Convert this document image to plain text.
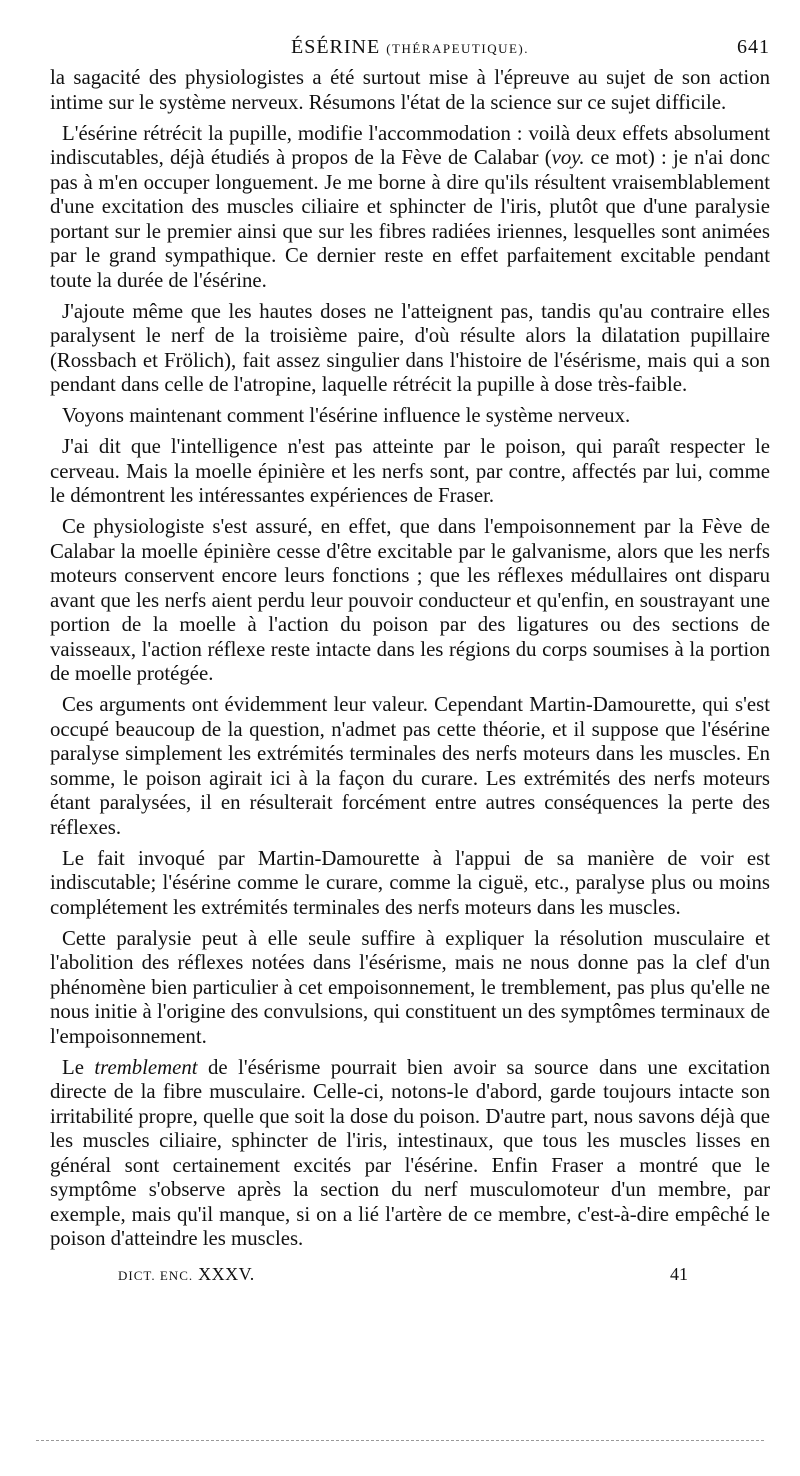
ÉSÉRINE (THÉRAPEUTIQUE).	641

la sagacité des physiologistes a été surtout mise à l'épreuve au sujet de son action intime sur le système nerveux. Résumons l'état de la science sur ce sujet difficile.

L'ésérine rétrécit la pupille, modifie l'accommodation : voilà deux effets absolument indiscutables, déjà étudiés à propos de la Fève de Calabar (voy. ce mot) : je n'ai donc pas à m'en occuper longuement. Je me borne à dire qu'ils résultent vraisemblablement d'une excitation des muscles ciliaire et sphincter de l'iris, plutôt que d'une paralysie portant sur le premier ainsi que sur les fibres radiées iriennes, lesquelles sont animées par le grand sympathique. Ce dernier reste en effet parfaitement excitable pendant toute la durée de l'ésérine.

J'ajoute même que les hautes doses ne l'atteignent pas, tandis qu'au contraire elles paralysent le nerf de la troisième paire, d'où résulte alors la dilatation pupillaire (Rossbach et Frölich), fait assez singulier dans l'histoire de l'ésérisme, mais qui a son pendant dans celle de l'atropine, laquelle rétrécit la pupille à dose très-faible.

Voyons maintenant comment l'ésérine influence le système nerveux.

J'ai dit que l'intelligence n'est pas atteinte par le poison, qui paraît respecter le cerveau. Mais la moelle épinière et les nerfs sont, par contre, affectés par lui, comme le démontrent les intéressantes expériences de Fraser.

Ce physiologiste s'est assuré, en effet, que dans l'empoisonnement par la Fève de Calabar la moelle épinière cesse d'être excitable par le galvanisme, alors que les nerfs moteurs conservent encore leurs fonctions ; que les réflexes médullaires ont disparu avant que les nerfs aient perdu leur pouvoir conducteur et qu'enfin, en soustrayant une portion de la moelle à l'action du poison par des ligatures ou des sections de vaisseaux, l'action réflexe reste intacte dans les régions du corps soumises à la portion de moelle protégée.

Ces arguments ont évidemment leur valeur. Cependant Martin-Damourette, qui s'est occupé beaucoup de la question, n'admet pas cette théorie, et il suppose que l'ésérine paralyse simplement les extrémités terminales des nerfs moteurs dans les muscles. En somme, le poison agirait ici à la façon du curare. Les extrémités des nerfs moteurs étant paralysées, il en résulterait forcément entre autres conséquences la perte des réflexes.

Le fait invoqué par Martin-Damourette à l'appui de sa manière de voir est indiscutable; l'ésérine comme le curare, comme la ciguë, etc., paralyse plus ou moins complétement les extrémités terminales des nerfs moteurs dans les muscles.

Cette paralysie peut à elle seule suffire à expliquer la résolution musculaire et l'abolition des réflexes notées dans l'ésérisme, mais ne nous donne pas la clef d'un phénomène bien particulier à cet empoisonnement, le tremblement, pas plus qu'elle ne nous initie à l'origine des convulsions, qui constituent un des symptômes terminaux de l'empoisonnement.

Le tremblement de l'ésérisme pourrait bien avoir sa source dans une excitation directe de la fibre musculaire. Celle-ci, notons-le d'abord, garde toujours intacte son irritabilité propre, quelle que soit la dose du poison. D'autre part, nous savons déjà que les muscles ciliaire, sphincter de l'iris, intestinaux, que tous les muscles lisses en général sont certainement excités par l'ésérine. Enfin Fraser a montré que le symptôme s'observe après la section du nerf musculomoteur d'un membre, par exemple, mais qu'il manque, si on a lié l'artère de ce membre, c'est-à-dire empêché le poison d'atteindre les muscles.

DICT. ENC. XXXV.	41
